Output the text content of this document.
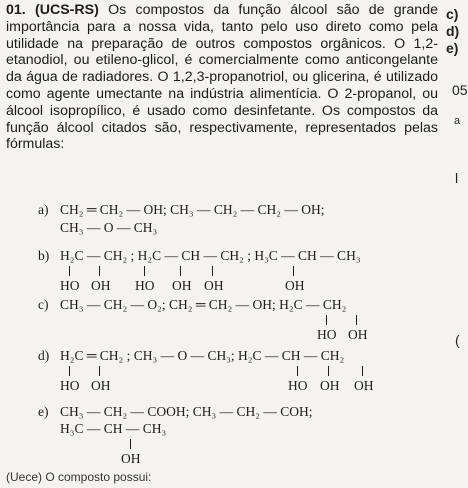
01. (UCS-RS) Os compostos da função álcool são de grande importância para a nossa vida, tanto pelo uso direto como pela utilidade na preparação de outros compostos orgânicos. O 1,2-etanodiol, ou etileno-glicol, é comercialmente como anticongelante da água de radiadores. O 1,2,3-propanotriol, ou glicerina, é utilizado como agente umectante na indústria alimentícia. O 2-propanol, ou álcool isopropílico, é usado como desinfetante. Os compostos da função álcool citados são, respectivamente, representados pelas fórmulas:
c)
d)
e)
05
a
l
(
a) CH₂ ═ CH₂ — OH; CH₃ — CH₂ — CH₂ — OH;
CH₃ — O — CH₃
b) H₂C — CH₂ ; H₂C — CH — CH₂ ; H₃C — CH — CH₃
HO OH HO OH OH	OH
c) CH₃ — CH₂ — O₂; CH₂ ═ CH₂ — OH; H₂C — CH₂
HO OH
d) H₂C ═ CH₂ ; CH₃ — O — CH₃; H₂C — CH — CH₂
HO OH	HO OH OH
e) CH₃ — CH₂ — COOH; CH₃ — CH₂ — COH;
H₃C — CH — CH₃
OH
(Uece) O composto possui:
